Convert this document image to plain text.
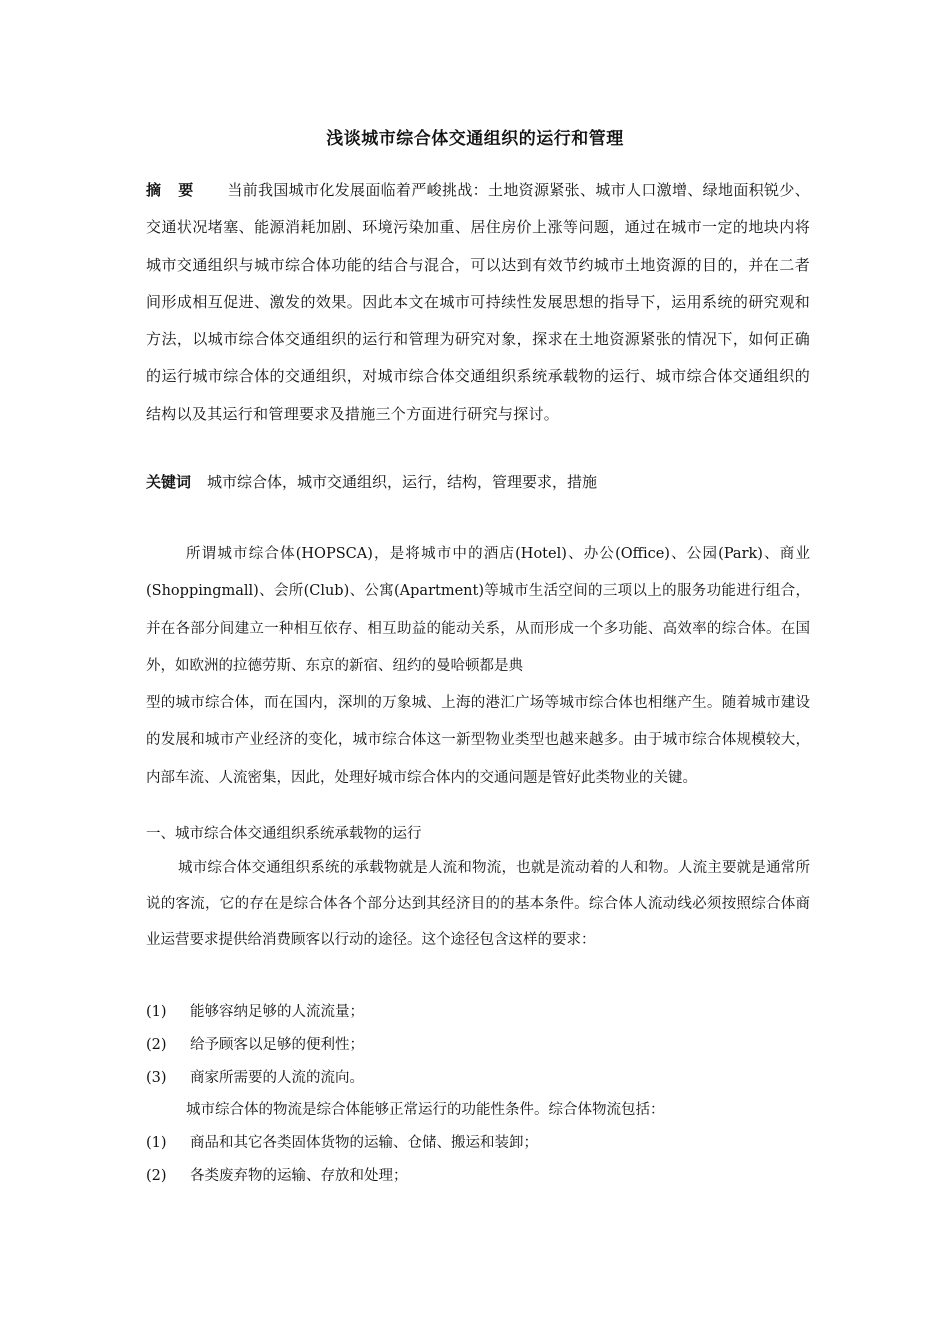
浅谈城市综合体交通组织的运行和管理
摘 要 当前我国城市化发展面临着严峻挑战：土地资源紧张、城市人口激增、绿地面积锐少、交通状况堵塞、能源消耗加剧、环境污染加重、居住房价上涨等问题，通过在城市一定的地块内将城市交通组织与城市综合体功能的结合与混合，可以达到有效节约城市土地资源的目的，并在二者间形成相互促进、激发的效果。因此本文在城市可持续性发展思想的指导下，运用系统的研究观和方法，以城市综合体交通组织的运行和管理为研究对象，探求在土地资源紧张的情况下，如何正确的运行城市综合体的交通组织，对城市综合体交通组织系统承载物的运行、城市综合体交通组织的结构以及其运行和管理要求及措施三个方面进行研究与探讨。
关键词 城市综合体，城市交通组织，运行，结构，管理要求，措施

所谓城市综合体(HOPSCA)，是将城市中的酒店(Hotel)、办公(Office)、公园(Park)、商业(Shoppingmall)、会所(Club)、公寓(Apartment)等城市生活空间的三项以上的服务功能进行组合，并在各部分间建立一种相互依存、相互助益的能动关系，从而形成一个多功能、高效率的综合体。在国外，如欧洲的拉德劳斯、东京的新宿、纽约的曼哈顿都是典

型的城市综合体，而在国内，深圳的万象城、上海的港汇广场等城市综合体也相继产生。随着城市建设的发展和城市产业经济的变化，城市综合体这一新型物业类型也越来越多。由于城市综合体规模较大，内部车流、人流密集，因此，处理好城市综合体内的交通问题是管好此类物业的关键。

一、城市综合体交通组织系统承载物的运行
城市综合体交通组织系统的承载物就是人流和物流，也就是流动着的人和物。人流主要就是通常所说的客流，它的存在是综合体各个部分达到其经济目的的基本条件。综合体人流动线必须按照综合体商业运营要求提供给消费顾客以行动的途径。这个途径包含这样的要求：
(1) 能够容纳足够的人流流量；
(2) 给予顾客以足够的便利性；
(3) 商家所需要的人流的流向。
城市综合体的物流是综合体能够正常运行的功能性条件。综合体物流包括：
(1) 商品和其它各类固体货物的运输、仓储、搬运和装卸；
(2) 各类废弃物的运输、存放和处理；
